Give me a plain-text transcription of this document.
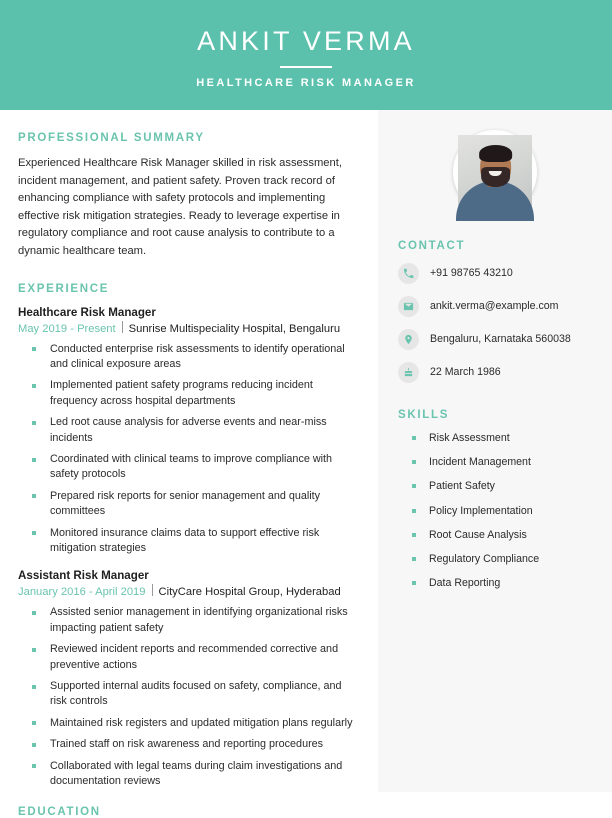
ANKIT VERMA
HEALTHCARE RISK MANAGER
PROFESSIONAL SUMMARY

Experienced Healthcare Risk Manager skilled in risk assessment, incident management, and patient safety. Proven track record of enhancing compliance with safety protocols and implementing effective risk mitigation strategies. Ready to leverage expertise in regulatory compliance and root cause analysis to contribute to a dynamic healthcare team.

EXPERIENCE
Healthcare Risk Manager
May 2019 - Present Sunrise Multispeciality Hospital, Bengaluru
Conducted enterprise risk assessments to identify operational and clinical exposure areas
Implemented patient safety programs reducing incident frequency across hospital departments
Led root cause analysis for adverse events and near-miss incidents
Coordinated with clinical teams to improve compliance with safety protocols
Prepared risk reports for senior management and quality committees
Monitored insurance claims data to support effective risk mitigation strategies
Assistant Risk Manager
January 2016 - April 2019 CityCare Hospital Group, Hyderabad
Assisted senior management in identifying organizational risks impacting patient safety
Reviewed incident reports and recommended corrective and preventive actions
Supported internal audits focused on safety, compliance, and risk controls
Maintained risk registers and updated mitigation plans regularly
Trained staff on risk awareness and reporting procedures
Collaborated with legal teams during claim investigations and documentation reviews
EDUCATION
CONTACT
+91 98765 43210
ankit.verma@example.com
Bengaluru, Karnataka 560038
22 March 1986
SKILLS
Risk Assessment
Incident Management
Patient Safety
Policy Implementation
Root Cause Analysis
Regulatory Compliance
Data Reporting
